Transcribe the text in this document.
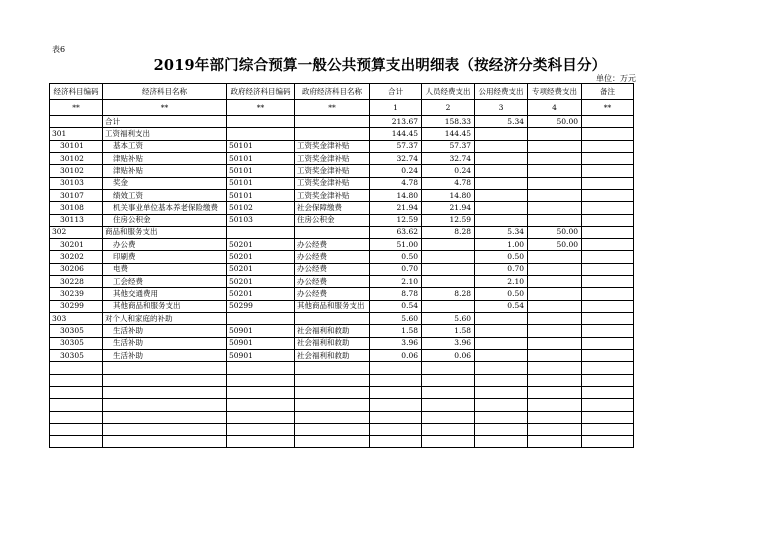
表6
2019年部门综合预算一般公共预算支出明细表（按经济分类科目分）
单位：万元
经济科目编码	经济科目名称	政府经济科目编码	政府经济科目名称	合计	人员经费支出	公用经费支出	专项经费支出	备注
**	**	**	**	1	2	3	4	**
	合计			213.67	158.33	5.34	50.00	
301	工资福利支出			144.45	144.45			
30101	基本工资	50101	工资奖金津补贴	57.37	57.37			
30102	津贴补贴	50101	工资奖金津补贴	32.74	32.74			
30102	津贴补贴	50101	工资奖金津补贴	0.24	0.24			
30103	奖金	50101	工资奖金津补贴	4.78	4.78			
30107	绩效工资	50101	工资奖金津补贴	14.80	14.80			
30108	机关事业单位基本养老保险缴费	50102	社会保障缴费	21.94	21.94			
30113	住房公积金	50103	住房公积金	12.59	12.59			
302	商品和服务支出			63.62	8.28	5.34	50.00	
30201	办公费	50201	办公经费	51.00		1.00	50.00	
30202	印刷费	50201	办公经费	0.50		0.50		
30206	电费	50201	办公经费	0.70		0.70		
30228	工会经费	50201	办公经费	2.10		2.10		
30239	其他交通费用	50201	办公经费	8.78	8.28	0.50		
30299	其他商品和服务支出	50299	其他商品和服务支出	0.54		0.54		
303	对个人和家庭的补助			5.60	5.60			
30305	生活补助	50901	社会福利和救助	1.58	1.58			
30305	生活补助	50901	社会福利和救助	3.96	3.96			
30305	生活补助	50901	社会福利和救助	0.06	0.06			
